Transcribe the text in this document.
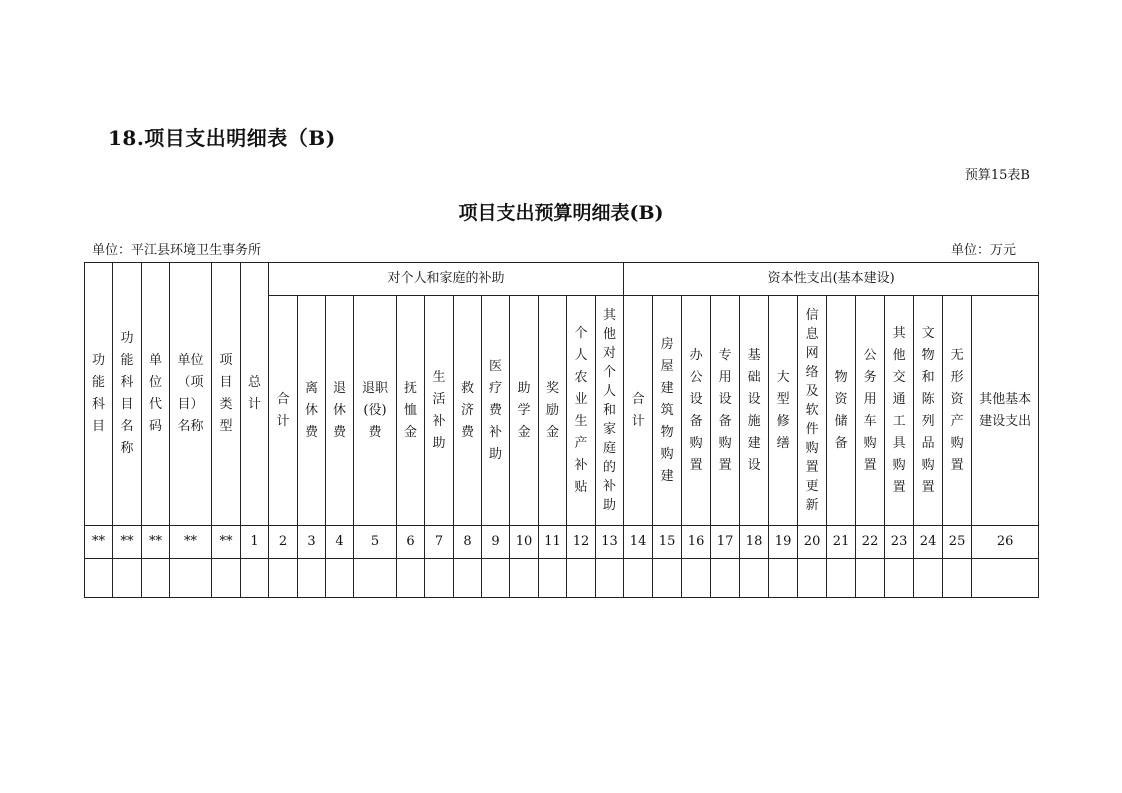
18.项目支出明细表（B)
预算15表B
项目支出预算明细表(B)
单位：平江县环境卫生事务所	单位：万元
功能科目	功能科目名称	单位代码	单位（项目）名称	项目类型	总计	对个人和家庭的补助												资本性支出(基本建设)												
						合计	离休费	退休费	退职(役)费	抚恤金	生活补助	救济费	医疗费补助	助学金	奖励金	个人农业生产补贴	其他对个人和家庭的补助	合计	房屋建筑物购建	办公设备购置	专用设备购置	基础设施建设	大型修缮	信息网络及软件购置更新	物资储备	公务用车购置	其他交通工具购置	文物和陈列品购置	无形资产购置	其他基本建设支出
**	**	**	**	**	1	2	3	4	5	6	7	8	9	10	11	12	13	14	15	16	17	18	19	20	21	22	23	24	25	26
